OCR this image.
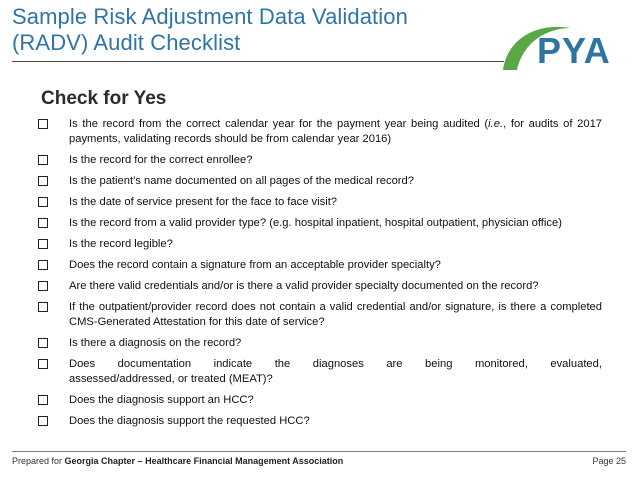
Sample Risk Adjustment Data Validation
(RADV) Audit Checklist	PYA
Check for Yes
Is the record from the correct calendar year for the payment year being audited (i.e., for audits of 2017 payments, validating records should be from calendar year 2016)
Is the record for the correct enrollee?
Is the patient’s name documented on all pages of the medical record?
Is the date of service present for the face to face visit?
Is the record from a valid provider type? (e.g. hospital inpatient, hospital outpatient, physician office)
Is the record legible?
Does the record contain a signature from an acceptable provider specialty?
Are there valid credentials and/or is there a valid provider specialty documented on the record?
If the outpatient/provider record does not contain a valid credential and/or signature, is there a completed CMS-Generated Attestation for this date of service?
Is there a diagnosis on the record?
Does documentation indicate the diagnoses are being monitored, evaluated,
assessed/addressed, or treated (MEAT)?
Does the diagnosis support an HCC?
Does the diagnosis support the requested HCC?
Prepared for Georgia Chapter – Healthcare Financial Management Association	Page 25
